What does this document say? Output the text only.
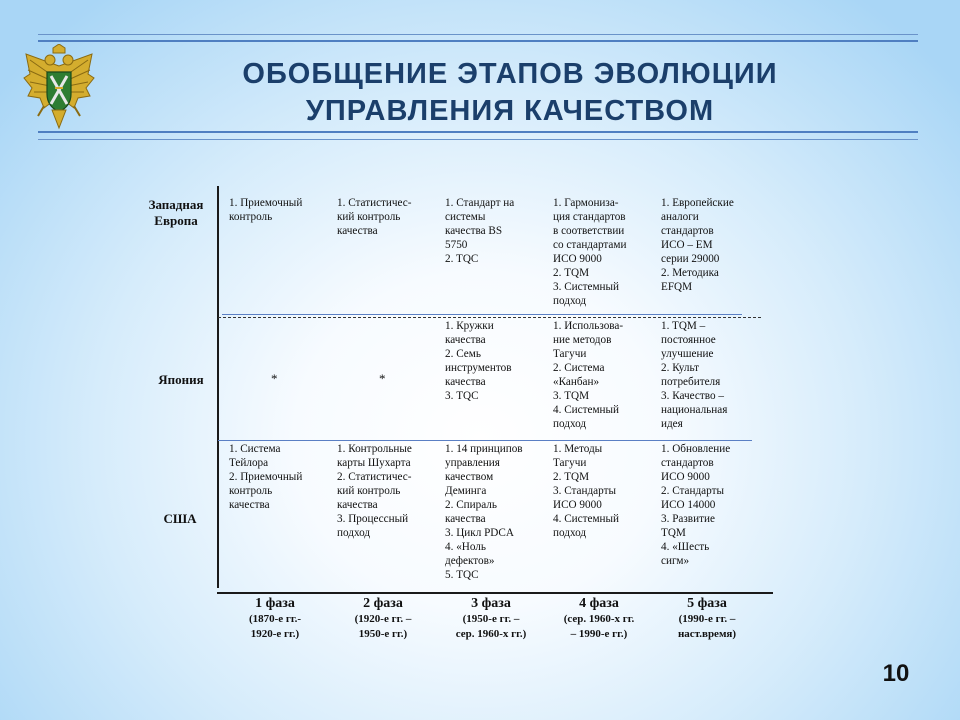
ОБОБЩЕНИЕ ЭТАПОВ ЭВОЛЮЦИИ
УПРАВЛЕНИЯ КАЧЕСТВОМ
Западная
Европа
Япония
США
1. Приемочный
контроль
1. Статистичес-
кий контроль
качества
1. Стандарт на
системы
качества BS
5750
2. TQC
1. Гармониза-
ция стандартов
в соответствии
со стандартами
ИСО 9000
2. TQM
3. Системный
подход
1. Европейские
аналоги
стандартов
ИСО – ЕМ
серии 29000
2. Методика
EFQM
*	*
1. Кружки
качества
2. Семь
инструментов
качества
3. TQC
1. Использова-
ние методов
Тагучи
2. Система
«Канбан»
3. TQM
4. Системный
подход
1. TQM –
постоянное
улучшение
2. Культ
потребителя
3. Качество –
национальная
идея
1. Система
Тейлора
2. Приемочный
контроль
качества
1. Контрольные
карты Шухарта
2. Статистичес-
кий контроль
качества
3. Процессный
подход
1. 14 принципов
управления
качеством
Деминга
2. Спираль
качества
3. Цикл PDCA
4. «Ноль
дефектов»
5. TQC
1. Методы
Тагучи
2. TQM
3. Стандарты
ИСО 9000
4. Системный
подход
1. Обновление
стандартов
ИСО 9000
2. Стандарты
ИСО 14000
3. Развитие
TQM
4. «Шесть
сигм»
1 фаза
(1870-е гг.-
1920-е гг.)
2 фаза
(1920-е гг. –
1950-е гг.)
3 фаза
(1950-е гг. –
сер. 1960-х гг.)
4 фаза
(сер. 1960-х гг.
– 1990-е гг.)
5 фаза
(1990-е гг. –
наст.время)
10
